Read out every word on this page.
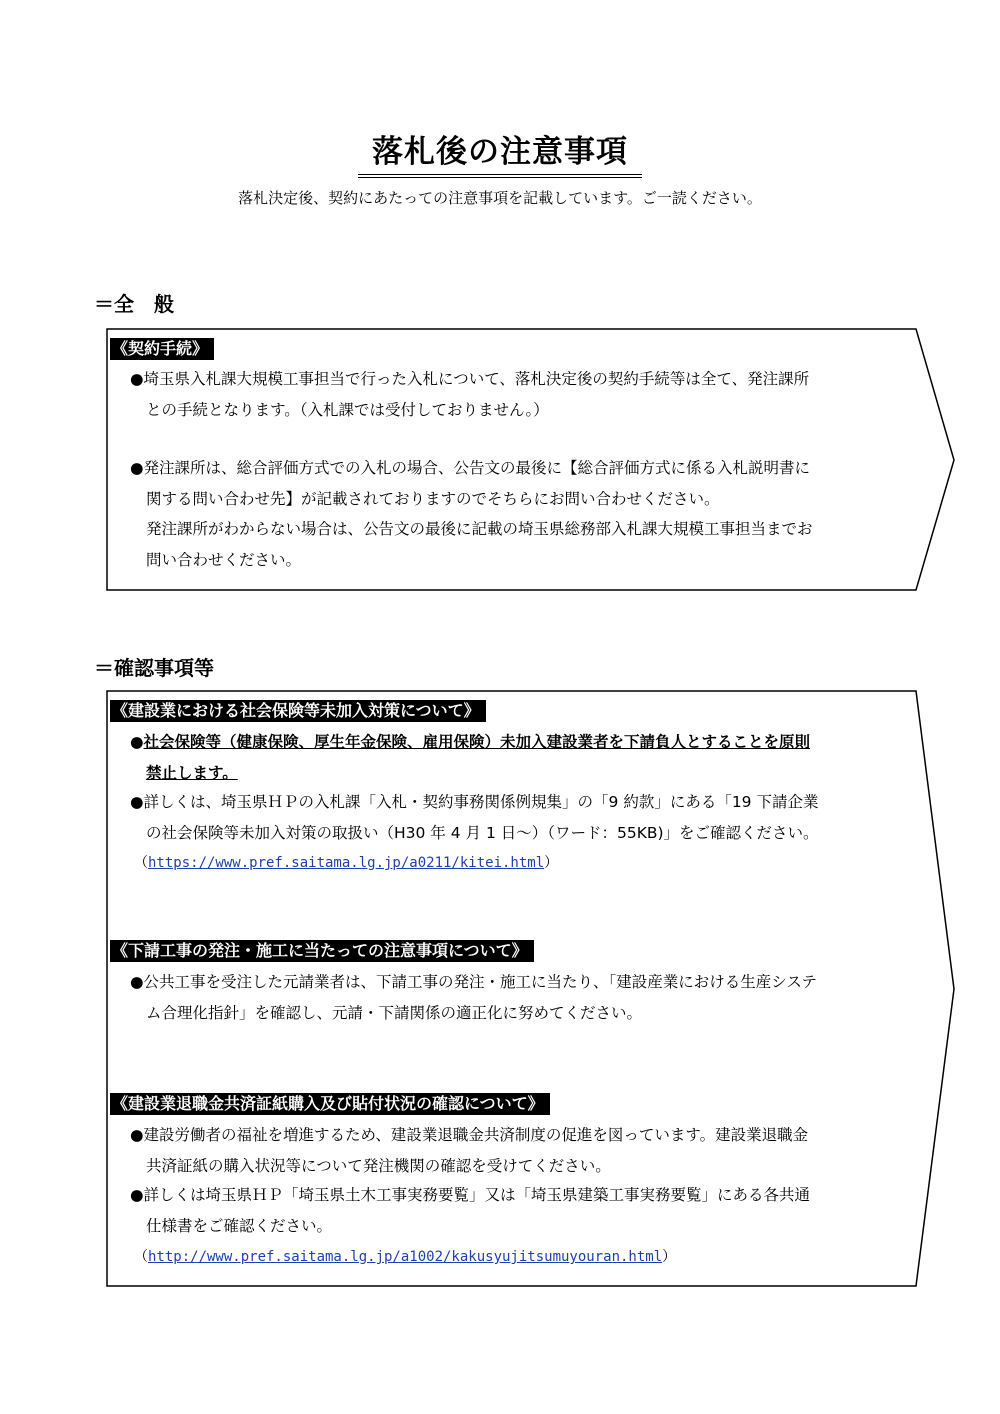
落札後の注意事項
落札決定後、契約にあたっての注意事項を記載しています。ご一読ください。
＝全　般
《契約手続》
●埼玉県入札課大規模工事担当で行った入札について、落札決定後の契約手続等は全て、発注課所
との手続となります。（入札課では受付しておりません。）
●発注課所は、総合評価方式での入札の場合、公告文の最後に【総合評価方式に係る入札説明書に
関する問い合わせ先】が記載されておりますのでそちらにお問い合わせください。
発注課所がわからない場合は、公告文の最後に記載の埼玉県総務部入札課大規模工事担当までお
問い合わせください。
＝確認事項等
《建設業における社会保険等未加入対策について》
●社会保険等（健康保険、厚生年金保険、雇用保険）未加入建設業者を下請負人とすることを原則
禁止します。
●詳しくは、埼玉県ＨＰの入札課「入札・契約事務関係例規集」の「9 約款」にある「19 下請企業
の社会保険等未加入対策の取扱い（H30 年 4 月 1 日～）（ワード：55KB)」をご確認ください。
（https://www.pref.saitama.lg.jp/a0211/kitei.html）
《下請工事の発注・施工に当たっての注意事項について》
●公共工事を受注した元請業者は、下請工事の発注・施工に当たり、「建設産業における生産システ
ム合理化指針」を確認し、元請・下請関係の適正化に努めてください。
《建設業退職金共済証紙購入及び貼付状況の確認について》
●建設労働者の福祉を増進するため、建設業退職金共済制度の促進を図っています。建設業退職金
共済証紙の購入状況等について発注機関の確認を受けてください。
●詳しくは埼玉県ＨＰ「埼玉県土木工事実務要覧」又は「埼玉県建築工事実務要覧」にある各共通
仕様書をご確認ください。
（http://www.pref.saitama.lg.jp/a1002/kakusyujitsumuyouran.html）
